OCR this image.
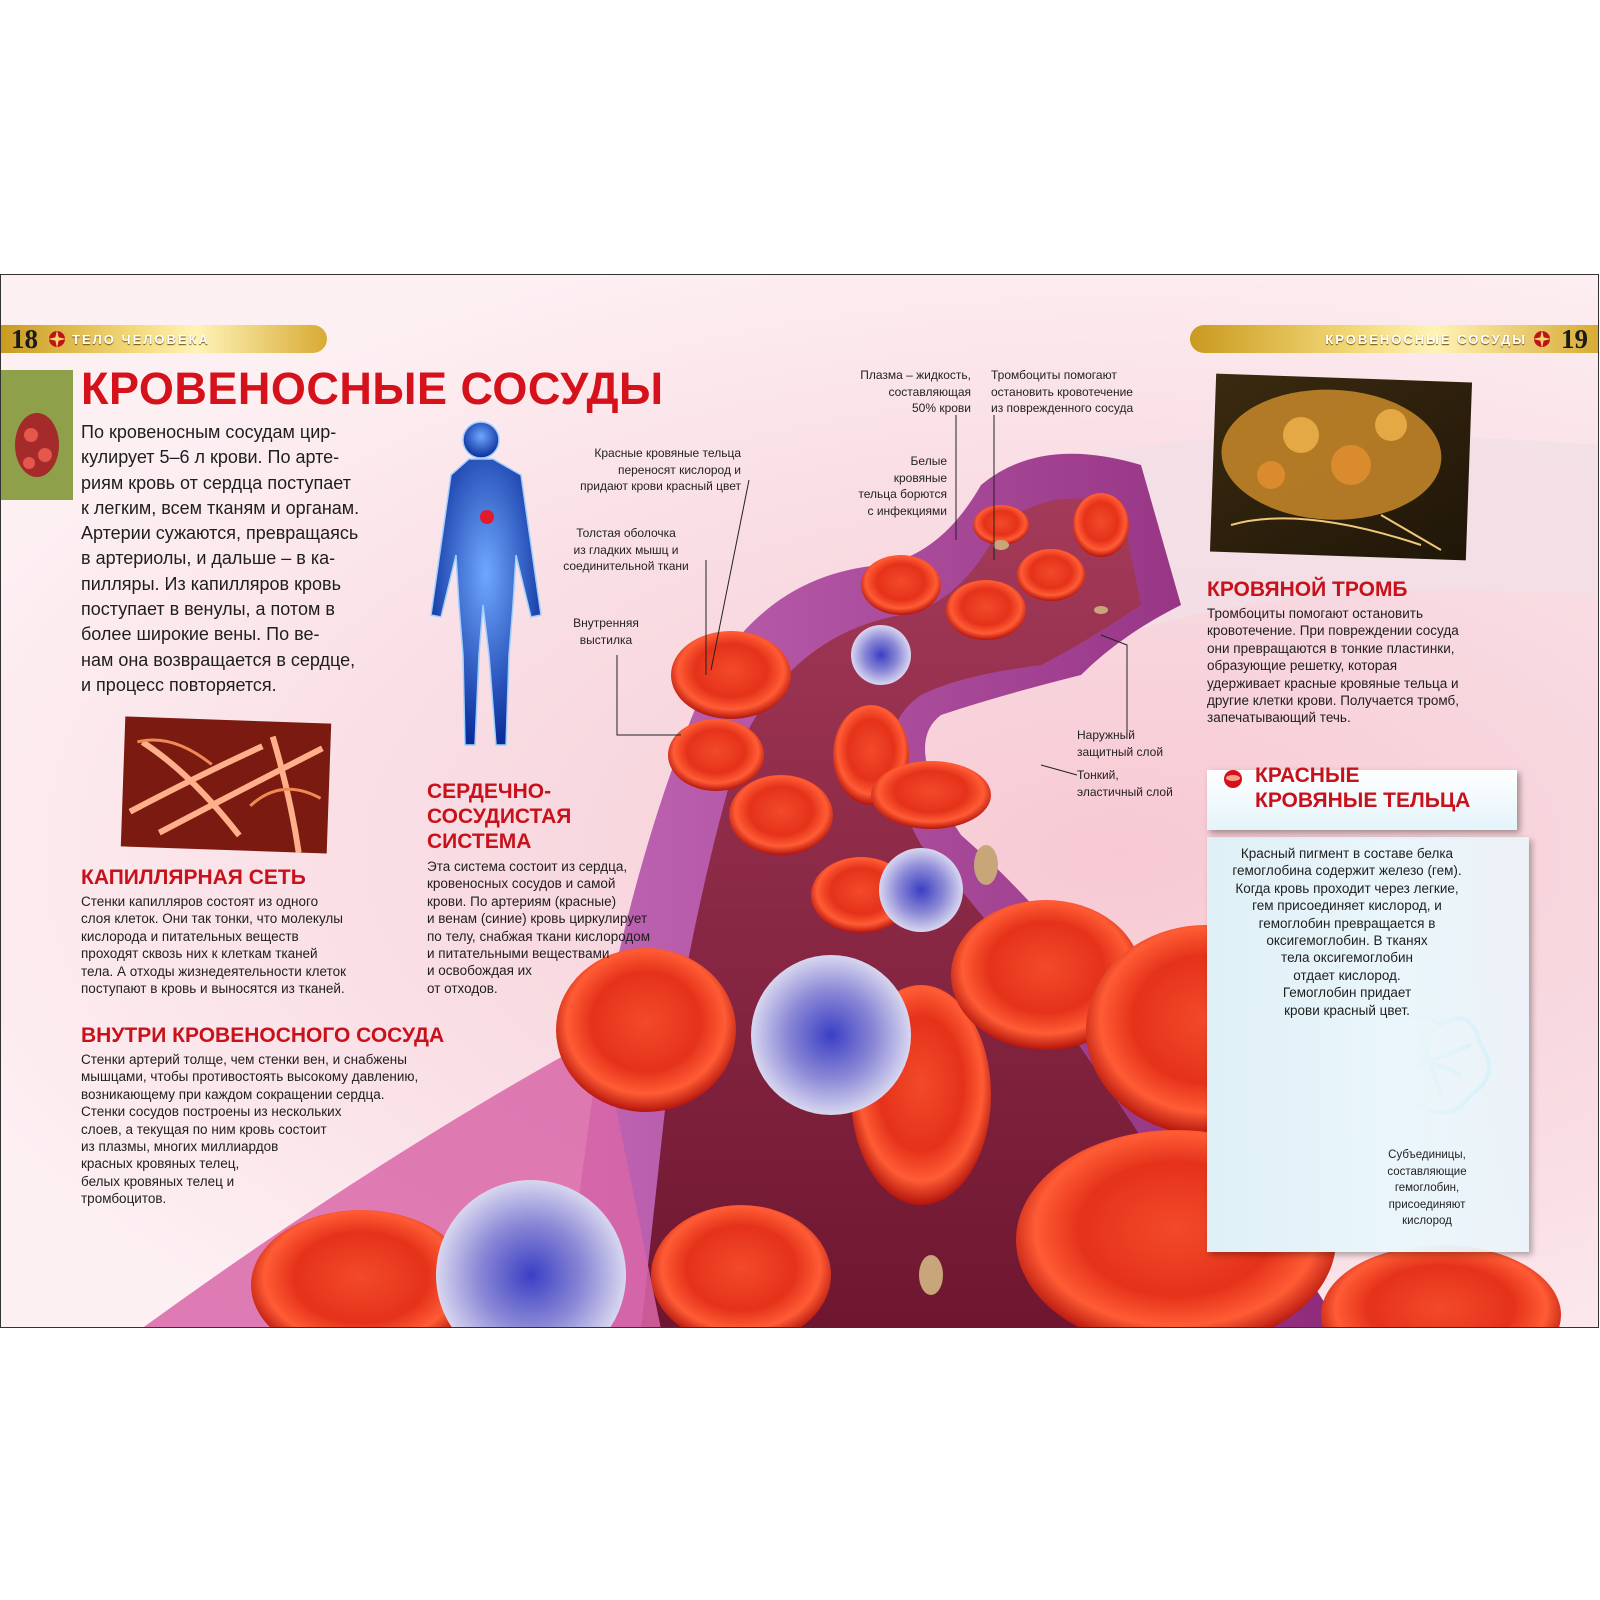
18	ТЕЛО ЧЕЛОВЕКА	КРОВЕНОСНЫЕ СОСУДЫ 19
КРОВЕНОСНЫЕ СОСУДЫ

По кровеносным сосудам цир-
кулирует 5–6 л крови. По арте-
риям кровь от сердца поступает
к легким, всем тканям и органам.
Артерии сужаются, превращаясь
в артериолы, и дальше – в ка-
пилляры. Из капилляров кровь
поступает в венулы, а потом в
более широкие вены. По ве-
нам она возвращается в сердце,
и процесс повторяется.

КАПИЛЛЯРНАЯ СЕТЬ

Стенки капилляров состоят из одного
слоя клеток. Они так тонки, что молекулы
кислорода и питательных веществ
проходят сквозь них к клеткам тканей
тела. А отходы жизнедеятельности клеток
поступают в кровь и выносятся из тканей.

СЕРДЕЧНО-
СОСУДИСТАЯ
СИСТЕМА

Эта система состоит из сердца,
кровеносных сосудов и самой
крови. По артериям (красные)
и венам (синие) кровь циркулирует
по телу, снабжая ткани кислородом
и питательными веществами
и освобождая их
от отходов.

ВНУТРИ КРОВЕНОСНОГО СОСУДА

Стенки артерий толще, чем стенки вен, и снабжены
мышцами, чтобы противостоять высокому давлению,
возникающему при каждом сокращении сердца.
Стенки сосудов построены из нескольких
слоев, а текущая по ним кровь состоит
из плазмы, многих миллиардов
красных кровяных телец,
белых кровяных телец и
тромбоцитов.

Плазма – жидкость,
составляющая
50% крови

Тромбоциты помогают
остановить кровотечение
из поврежденного сосуда

Красные кровяные тельца
переносят кислород и
придают крови красный цвет

Белые
кровяные
тельца борются
с инфекциями

Толстая оболочка
из гладких мышц и
соединительной ткани

Внутренняя
выстилка

Наружный
защитный слой

Тонкий,
эластичный слой

КРОВЯНОЙ ТРОМБ

Тромбоциты помогают остановить
кровотечение. При повреждении сосуда
они превращаются в тонкие пластинки,
образующие решетку, которая
удерживает красные кровяные тельца и
другие клетки крови. Получается тромб,
запечатывающий течь.

КРАСНЫЕ
КРОВЯНЫЕ ТЕЛЬЦА

Красный пигмент в составе белка
гемоглобина содержит железо (гем).
Когда кровь проходит через легкие,
гем присоединяет кислород, и
гемоглобин превращается в
оксигемоглобин. В тканях
тела оксигемоглобин
отдает кислород.
Гемоглобин придает
крови красный цвет.

Субъединицы,
составляющие
гемоглобин,
присоединяют
кислород
